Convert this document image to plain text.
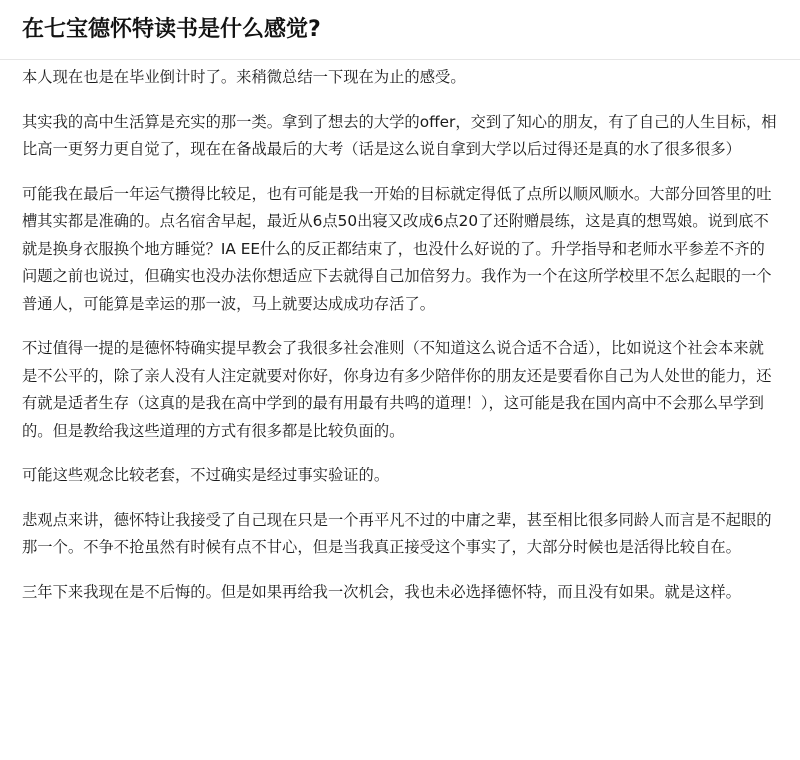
在七宝德怀特读书是什么感觉?

本人现在也是在毕业倒计时了。来稍微总结一下现在为止的感受。

其实我的高中生活算是充实的那一类。拿到了想去的大学的offer，交到了知心的朋友，有了自己的人生目标，相比高一更努力更自觉了，现在在备战最后的大考（话是这么说自拿到大学以后过得还是真的水了很多很多）

可能我在最后一年运气攒得比较足，也有可能是我一开始的目标就定得低了点所以顺风顺水。大部分回答里的吐槽其实都是准确的。点名宿舍早起，最近从6点50出寝又改成6点20了还附赠晨练，这是真的想骂娘。说到底不就是换身衣服换个地方睡觉？IA EE什么的反正都结束了，也没什么好说的了。升学指导和老师水平参差不齐的问题之前也说过，但确实也没办法你想适应下去就得自己加倍努力。我作为一个在这所学校里不怎么起眼的一个普通人，可能算是幸运的那一波，马上就要达成成功存活了。

不过值得一提的是德怀特确实提早教会了我很多社会准则（不知道这么说合适不合适），比如说这个社会本来就是不公平的，除了亲人没有人注定就要对你好，你身边有多少陪伴你的朋友还是要看你自己为人处世的能力，还有就是适者生存（这真的是我在高中学到的最有用最有共鸣的道理！），这可能是我在国内高中不会那么早学到的。但是教给我这些道理的方式有很多都是比较负面的。

可能这些观念比较老套，不过确实是经过事实验证的。

悲观点来讲，德怀特让我接受了自己现在只是一个再平凡不过的中庸之辈，甚至相比很多同龄人而言是不起眼的那一个。不争不抢虽然有时候有点不甘心，但是当我真正接受这个事实了，大部分时候也是活得比较自在。

三年下来我现在是不后悔的。但是如果再给我一次机会，我也未必选择德怀特，而且没有如果。就是这样。
